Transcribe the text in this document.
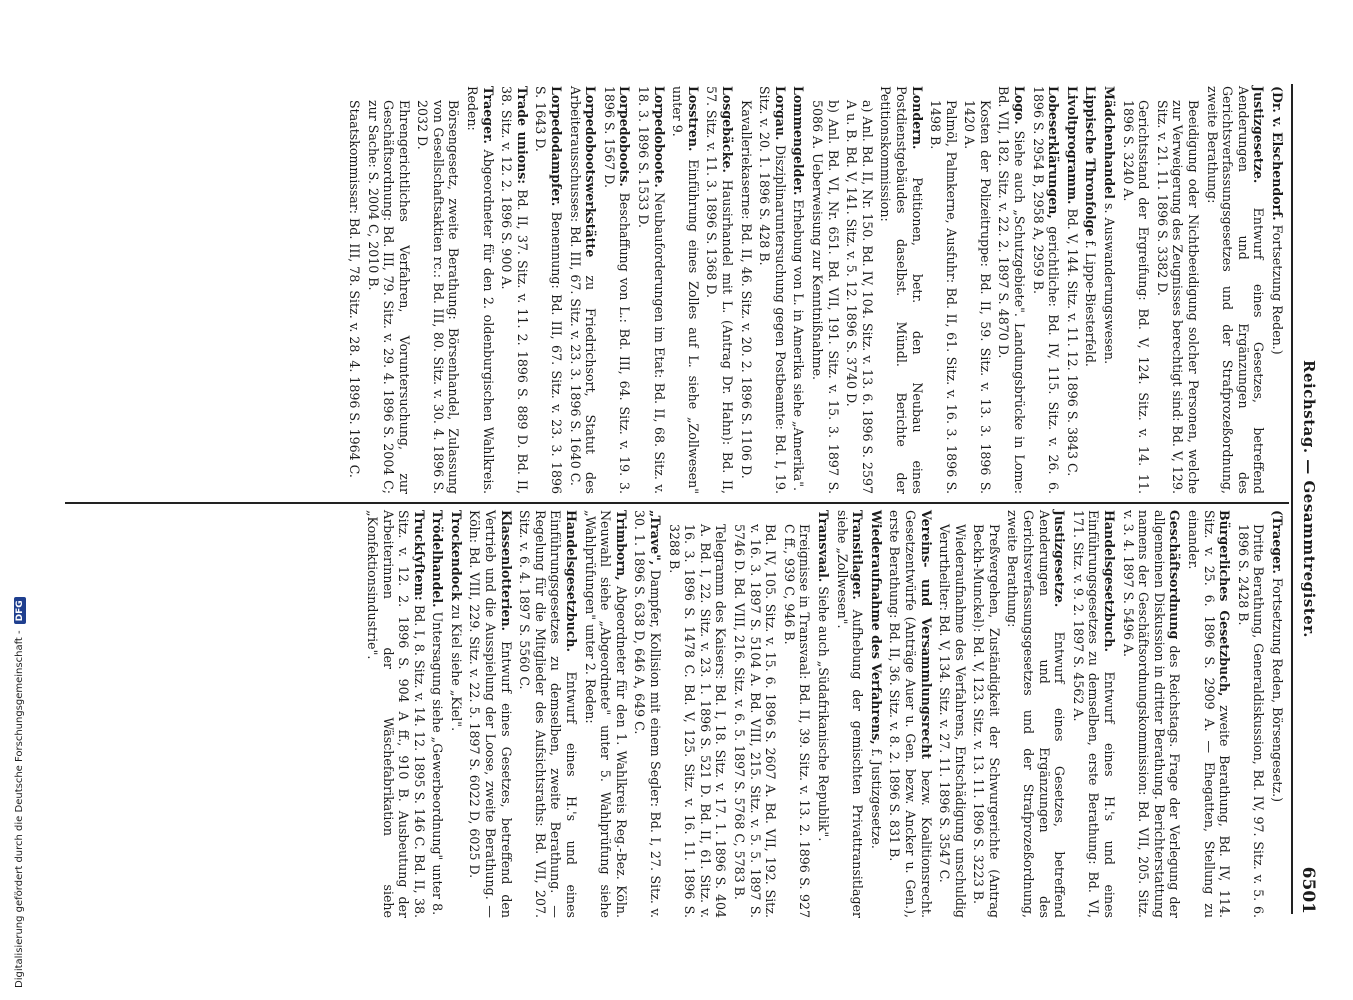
Reichstag. — Gesammtregister.
6501
(Dr. v. Elschendorf. Fortsetzung Reden.)
Justizgesetze. Entwurf eines Gesetzes, betreffend Aenderungen und Ergänzungen des Gerichtsverfassungsgesetzes und der Strafprozeßordnung, zweite Berathung:
Beeidigung oder Nichtbeeidigung solcher Personen, welche zur Verweigerung des Zeugnisses berechtigt sind: Bd. V, 129. Sitz. v. 21. 11. 1896 S. 3382 D.
Gerichtsstand der Ergreifung: Bd. V, 124. Sitz. v. 14. 11. 1896 S. 3240 A.
Mädchenhandel s. Auswanderungswesen.
Lippische Thronfolge f. Lippe-Biesterfeld.
Livoltprogramm. Bd. V, 144. Sitz. v. 11. 12. 1896 S. 3843 C.
Lobeserklärungen, gerichtliche: Bd. IV, 115. Sitz. v. 26. 6. 1896 S. 2954 B, 2958 A, 2959 B.
Logo. Siehe auch „Schutzgebiete". Landungsbrücke in Lome: Bd. VII, 182. Sitz. v. 22. 2. 1897 S. 4870 D.
Kosten der Polizeitruppe: Bd. II, 59. Sitz. v. 13. 3. 1896 S. 1420 A.
Palmöl, Palmkerne, Ausfuhr: Bd. II, 61. Sitz. v. 16. 3. 1896 S. 1498 B.
Londern. Petitionen, betr. den Neubau eines Postdienstgebäudes daselbst. Mündl. Berichte der Petitionskommission:
a) Anl. Bd. II, Nr. 150. Bd. IV, 104. Sitz. v. 13. 6. 1896 S. 2597 A u. B. Bd. V, 141. Sitz. v. 5. 12. 1896 S. 3740 D.
b) Anl. Bd. VI, Nr. 651. Bd. VII, 191. Sitz. v. 15. 3. 1897 S. 5086 A. Ueberweisung zur Kenntnißnahme.
Lommengelder. Erhebung von L. in Amerika siehe „Amerika".
Lorgau. Disziplinaruntersuchung gegen Postbeamte: Bd. I, 19. Sitz. v. 20. 1. 1896 S. 428 B.
Kavalleriekaserne: Bd. II, 46. Sitz. v. 20. 2. 1896 S. 1106 D.
Losgebäcke. Hausirhandel mit L. (Antrag Dr. Hahn): Bd. II, 57. Sitz. v. 11. 3. 1896 S. 1368 D.
Losstren. Einführung eines Zolles auf L. siehe „Zollwesen" unter 9.
Lorpedoboote. Neubauforderungen im Etat: Bd. II, 68. Sitz. v. 18. 3. 1896 S. 1533 D.
Lorpedoboots. Beschaffung von L.: Bd. III, 64. Sitz. v. 19. 3. 1896 S. 1567 D.
Lorpedobootswerkstätte zu Friedrichsort, Statut des Arbeiterausschusses: Bd. III, 67. Sitz. v. 23. 3. 1896 S. 1640 C.
Lorpedodampfer. Benennung: Bd. III, 67. Sitz. v. 23. 3. 1896 S. 1643 D.
Trade unions: Bd. II, 37. Sitz. v. 11. 2. 1896 S. 889 D. Bd. II, 38. Sitz. v. 12. 2. 1896 S. 900 A.
Traeger. Abgeordneter für den 2. oldenburgischen Wahlkreis. Reden:
Börsengesetz, zweite Berathung: Börsenhandel, Zulassung von Gesellschaftsaktien rc.: Bd. III, 80. Sitz. v. 30. 4. 1896 S. 2032 D.
Ehrengerichtliches Verfahren, Voruntersuchung, zur Geschäftsordnung: Bd. III, 79. Sitz. v. 29. 4. 1896 S. 2004 C; zur Sache: S. 2004 C, 2010 B.
Staatskommissar: Bd. III, 78. Sitz. v. 28. 4. 1896 S. 1964 C.
(Traeger. Fortsetzung Reden, Börsengesetz.)
Dritte Berathung, Generaldiskussion, Bd. IV, 97. Sitz. v. 5. 6. 1896 S. 2428 B.
Bürgerliches Gesetzbuch, zweite Berathung, Bd. IV, 114. Sitz. v. 25. 6. 1896 S. 2909 A. — Ehegatten, Stellung zu einander.
Geschäftsordnung des Reichstags. Frage der Verlegung der allgemeinen Diskussion in dritter Berathung. Berichterstattung namens der Geschäftsordnungskommission: Bd. VII, 205. Sitz. v. 3. 4. 1897 S. 5496 A.
Handelsgesetzbuch. Entwurf eines H.'s und eines Einführungsgesetzes zu demselben, erste Berathung: Bd. VI, 171. Sitz. v. 9. 2. 1897 S. 4562 A.
Justizgesetze. Entwurf eines Gesetzes, betreffend Aenderungen und Ergänzungen des Gerichtsverfassungsgesetzes und der Strafprozeßordnung, zweite Berathung:
Preßvergehen, Zuständigkeit der Schwurgerichte (Antrag Beckh-Munckel): Bd. V, 123. Sitz. v. 13. 11. 1896 S. 3223 B.
Wiederaufnahme des Verfahrens, Entschädigung unschuldig Verurtheilter: Bd. V, 134. Sitz. v. 27. 11. 1896 S. 3547 C.
Vereins- und Versammlungsrecht bezw. Koalitionsrecht. Gesetzentwürfe (Anträge Auer u. Gen. bezw. Ancker u. Gen.), erste Berathung: Bd. II, 36. Sitz. v. 8. 2. 1896 S. 831 B.
Wiederaufnahme des Verfahrens, f. Justizgesetze.
Transitlager. Aufhebung der gemischten Privattransitlager siehe „Zollwesen".
Transvaal. Siehe auch „Südafrikanische Republik".
Ereignisse in Transvaal: Bd. II, 39. Sitz. v. 13. 2. 1896 S. 927 C ff., 939 C, 946 B.
Bd. IV, 105. Sitz. v. 15. 6. 1896 S. 2607 A. Bd. VII, 192. Sitz. v. 16. 3. 1897 S. 5104 A. Bd. VIII, 215. Sitz. v. 5. 5. 1897 S. 5746 D. Bd. VIII, 216. Sitz. v. 6. 5. 1897 S. 5768 C, 5783 B.
Telegramm des Kaisers: Bd. I, 18. Sitz. v. 17. 1. 1896 S. 404 A. Bd. I, 22. Sitz. v. 23. 1. 1896 S. 521 D. Bd. II, 61. Sitz. v. 16. 3. 1896 S. 1478 C. Bd. V, 125. Sitz. v. 16. 11. 1896 S. 3288 B.
„Trave", Dampfer, Kollision mit einem Segler: Bd. I, 27. Sitz. v. 30. 1. 1896 S. 638 D, 646 A, 649 C.
Trimborn, Abgeordneter für den 1. Wahlkreis Reg.-Bez. Köln. Neuwahl siehe „Abgeordnete" unter 5. Wahlprüfung siehe „Wahlprüfungen" unter 2. Reden:
Handelsgesetzbuch. Entwurf eines H.'s und eines Einführungsgesetzes zu demselben, zweite Berathung. — Regelung für die Mitglieder des Aufsichtsraths: Bd. VII, 207. Sitz. v. 6. 4. 1897 S. 5560 C.
Klassenlotterien. Entwurf eines Gesetzes, betreffend den Vertrieb und die Ausspielung der Loose, zweite Berathung. — Köln: Bd. VIII, 229. Sitz. v. 22. 5. 1897 S. 6022 D, 6025 D.
Trockendock zu Kiel siehe „Kiel".
Trödelhandel. Untersagung siehe „Gewerbeordnung" unter 8.
Truckſyſtem: Bd. I, 8. Sitz. v. 14. 12. 1895 S. 146 C. Bd. II, 38. Sitz. v. 12. 2. 1896 S. 904 A ff., 910 B. Ausbeutung der Arbeiterinnen der Wäschefabrikation siehe „Konfektionsindustrie".
Digitalisierung gefördert durch die Deutsche Forschungsgemeinschaft -
DFG
